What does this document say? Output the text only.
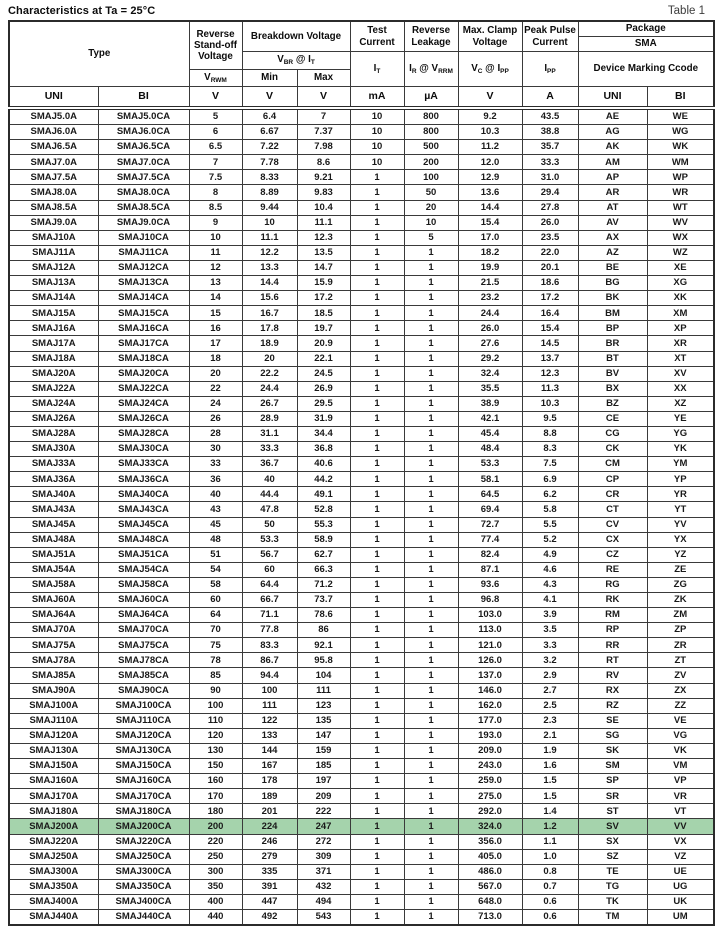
Characteristics at Ta = 25°C	Table 1
Type		Reverse Stand-off Voltage	Breakdown Voltage		Test Current	Reverse Leakage	Max. Clamp Voltage	Peak Pulse Current	Package	
									SMA	
			$V_{BR}$ @ $I_T$		$I_T$	$I_R$ @ $V_{RRM}$	$V_C$ @ $I_{PP}$	$I_{PP}$	Device Marking Ccode	
		$V_{RWM}$	Min	Max						
UNI	BI	V	V	V	mA	µA	V	A	UNI	BI
SMAJ5.0A	SMAJ5.0CA	5	6.4	7	10	800	9.2	43.5	AE	WE
SMAJ6.0A	SMAJ6.0CA	6	6.67	7.37	10	800	10.3	38.8	AG	WG
SMAJ6.5A	SMAJ6.5CA	6.5	7.22	7.98	10	500	11.2	35.7	AK	WK
SMAJ7.0A	SMAJ7.0CA	7	7.78	8.6	10	200	12.0	33.3	AM	WM
SMAJ7.5A	SMAJ7.5CA	7.5	8.33	9.21	1	100	12.9	31.0	AP	WP
SMAJ8.0A	SMAJ8.0CA	8	8.89	9.83	1	50	13.6	29.4	AR	WR
SMAJ8.5A	SMAJ8.5CA	8.5	9.44	10.4	1	20	14.4	27.8	AT	WT
SMAJ9.0A	SMAJ9.0CA	9	10	11.1	1	10	15.4	26.0	AV	WV
SMAJ10A	SMAJ10CA	10	11.1	12.3	1	5	17.0	23.5	AX	WX
SMAJ11A	SMAJ11CA	11	12.2	13.5	1	1	18.2	22.0	AZ	WZ
SMAJ12A	SMAJ12CA	12	13.3	14.7	1	1	19.9	20.1	BE	XE
SMAJ13A	SMAJ13CA	13	14.4	15.9	1	1	21.5	18.6	BG	XG
SMAJ14A	SMAJ14CA	14	15.6	17.2	1	1	23.2	17.2	BK	XK
SMAJ15A	SMAJ15CA	15	16.7	18.5	1	1	24.4	16.4	BM	XM
SMAJ16A	SMAJ16CA	16	17.8	19.7	1	1	26.0	15.4	BP	XP
SMAJ17A	SMAJ17CA	17	18.9	20.9	1	1	27.6	14.5	BR	XR
SMAJ18A	SMAJ18CA	18	20	22.1	1	1	29.2	13.7	BT	XT
SMAJ20A	SMAJ20CA	20	22.2	24.5	1	1	32.4	12.3	BV	XV
SMAJ22A	SMAJ22CA	22	24.4	26.9	1	1	35.5	11.3	BX	XX
SMAJ24A	SMAJ24CA	24	26.7	29.5	1	1	38.9	10.3	BZ	XZ
SMAJ26A	SMAJ26CA	26	28.9	31.9	1	1	42.1	9.5	CE	YE
SMAJ28A	SMAJ28CA	28	31.1	34.4	1	1	45.4	8.8	CG	YG
SMAJ30A	SMAJ30CA	30	33.3	36.8	1	1	48.4	8.3	CK	YK
SMAJ33A	SMAJ33CA	33	36.7	40.6	1	1	53.3	7.5	CM	YM
SMAJ36A	SMAJ36CA	36	40	44.2	1	1	58.1	6.9	CP	YP
SMAJ40A	SMAJ40CA	40	44.4	49.1	1	1	64.5	6.2	CR	YR
SMAJ43A	SMAJ43CA	43	47.8	52.8	1	1	69.4	5.8	CT	YT
SMAJ45A	SMAJ45CA	45	50	55.3	1	1	72.7	5.5	CV	YV
SMAJ48A	SMAJ48CA	48	53.3	58.9	1	1	77.4	5.2	CX	YX
SMAJ51A	SMAJ51CA	51	56.7	62.7	1	1	82.4	4.9	CZ	YZ
SMAJ54A	SMAJ54CA	54	60	66.3	1	1	87.1	4.6	RE	ZE
SMAJ58A	SMAJ58CA	58	64.4	71.2	1	1	93.6	4.3	RG	ZG
SMAJ60A	SMAJ60CA	60	66.7	73.7	1	1	96.8	4.1	RK	ZK
SMAJ64A	SMAJ64CA	64	71.1	78.6	1	1	103.0	3.9	RM	ZM
SMAJ70A	SMAJ70CA	70	77.8	86	1	1	113.0	3.5	RP	ZP
SMAJ75A	SMAJ75CA	75	83.3	92.1	1	1	121.0	3.3	RR	ZR
SMAJ78A	SMAJ78CA	78	86.7	95.8	1	1	126.0	3.2	RT	ZT
SMAJ85A	SMAJ85CA	85	94.4	104	1	1	137.0	2.9	RV	ZV
SMAJ90A	SMAJ90CA	90	100	111	1	1	146.0	2.7	RX	ZX
SMAJ100A	SMAJ100CA	100	111	123	1	1	162.0	2.5	RZ	ZZ
SMAJ110A	SMAJ110CA	110	122	135	1	1	177.0	2.3	SE	VE
SMAJ120A	SMAJ120CA	120	133	147	1	1	193.0	2.1	SG	VG
SMAJ130A	SMAJ130CA	130	144	159	1	1	209.0	1.9	SK	VK
SMAJ150A	SMAJ150CA	150	167	185	1	1	243.0	1.6	SM	VM
SMAJ160A	SMAJ160CA	160	178	197	1	1	259.0	1.5	SP	VP
SMAJ170A	SMAJ170CA	170	189	209	1	1	275.0	1.5	SR	VR
SMAJ180A	SMAJ180CA	180	201	222	1	1	292.0	1.4	ST	VT
SMAJ200A	SMAJ200CA	200	224	247	1	1	324.0	1.2	SV	VV
SMAJ220A	SMAJ220CA	220	246	272	1	1	356.0	1.1	SX	VX
SMAJ250A	SMAJ250CA	250	279	309	1	1	405.0	1.0	SZ	VZ
SMAJ300A	SMAJ300CA	300	335	371	1	1	486.0	0.8	TE	UE
SMAJ350A	SMAJ350CA	350	391	432	1	1	567.0	0.7	TG	UG
SMAJ400A	SMAJ400CA	400	447	494	1	1	648.0	0.6	TK	UK
SMAJ440A	SMAJ440CA	440	492	543	1	1	713.0	0.6	TM	UM
